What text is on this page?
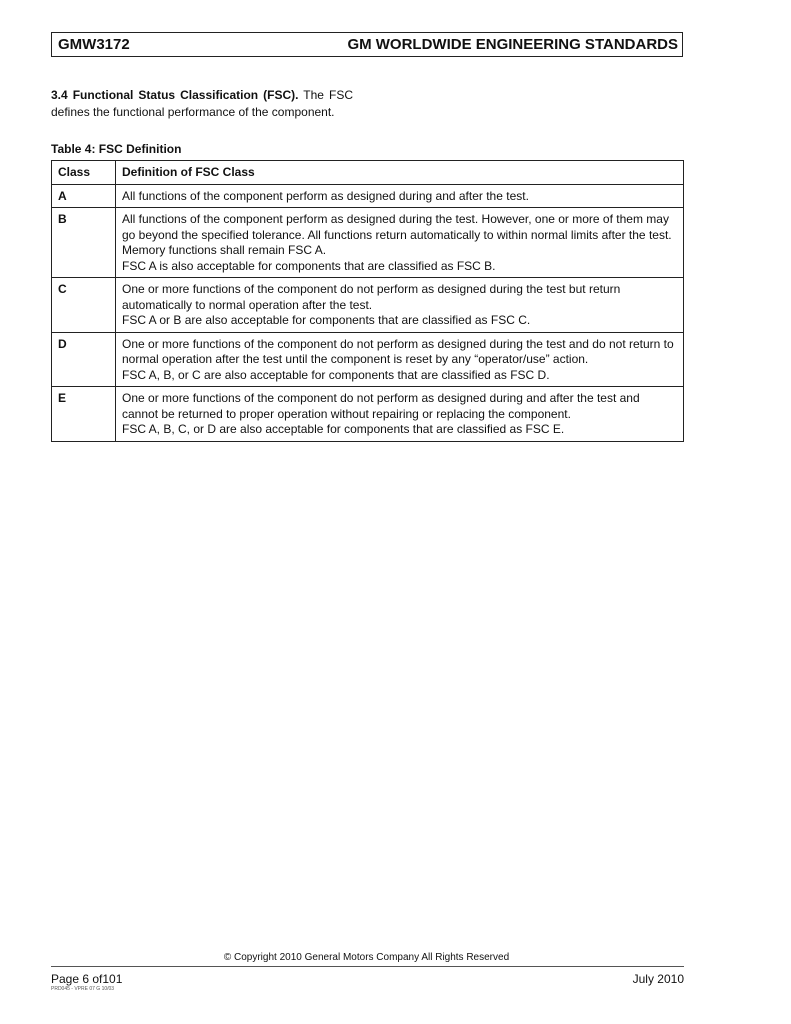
GMW3172	GM WORLDWIDE ENGINEERING STANDARDS
3.4 Functional Status Classification (FSC). The FSC defines the functional performance of the component.
Table 4: FSC Definition
Class	Definition of FSC Class
A	All functions of the component perform as designed during and after the test.

B	All functions of the component perform as designed during the test. However, one or more of them may go beyond the specified tolerance. All functions return automatically to within normal limits after the test. Memory functions shall remain FSC A.
FSC A is also acceptable for components that are classified as FSC B.

C	One or more functions of the component do not perform as designed during the test but return automatically to normal operation after the test.
FSC A or B are also acceptable for components that are classified as FSC C.

D	One or more functions of the component do not perform as designed during the test and do not return to normal operation after the test until the component is reset by any “operator/use” action.
FSC A, B, or C are also acceptable for components that are classified as FSC D.

E	One or more functions of the component do not perform as designed during and after the test and cannot be returned to proper operation without repairing or replacing the component.
FSC A, B, C, or D are also acceptable for components that are classified as FSC E.
© Copyright 2010 General Motors Company All Rights Reserved
Page 6 of101	July 2010
PRD045 - VPRE 07 G 10/03
